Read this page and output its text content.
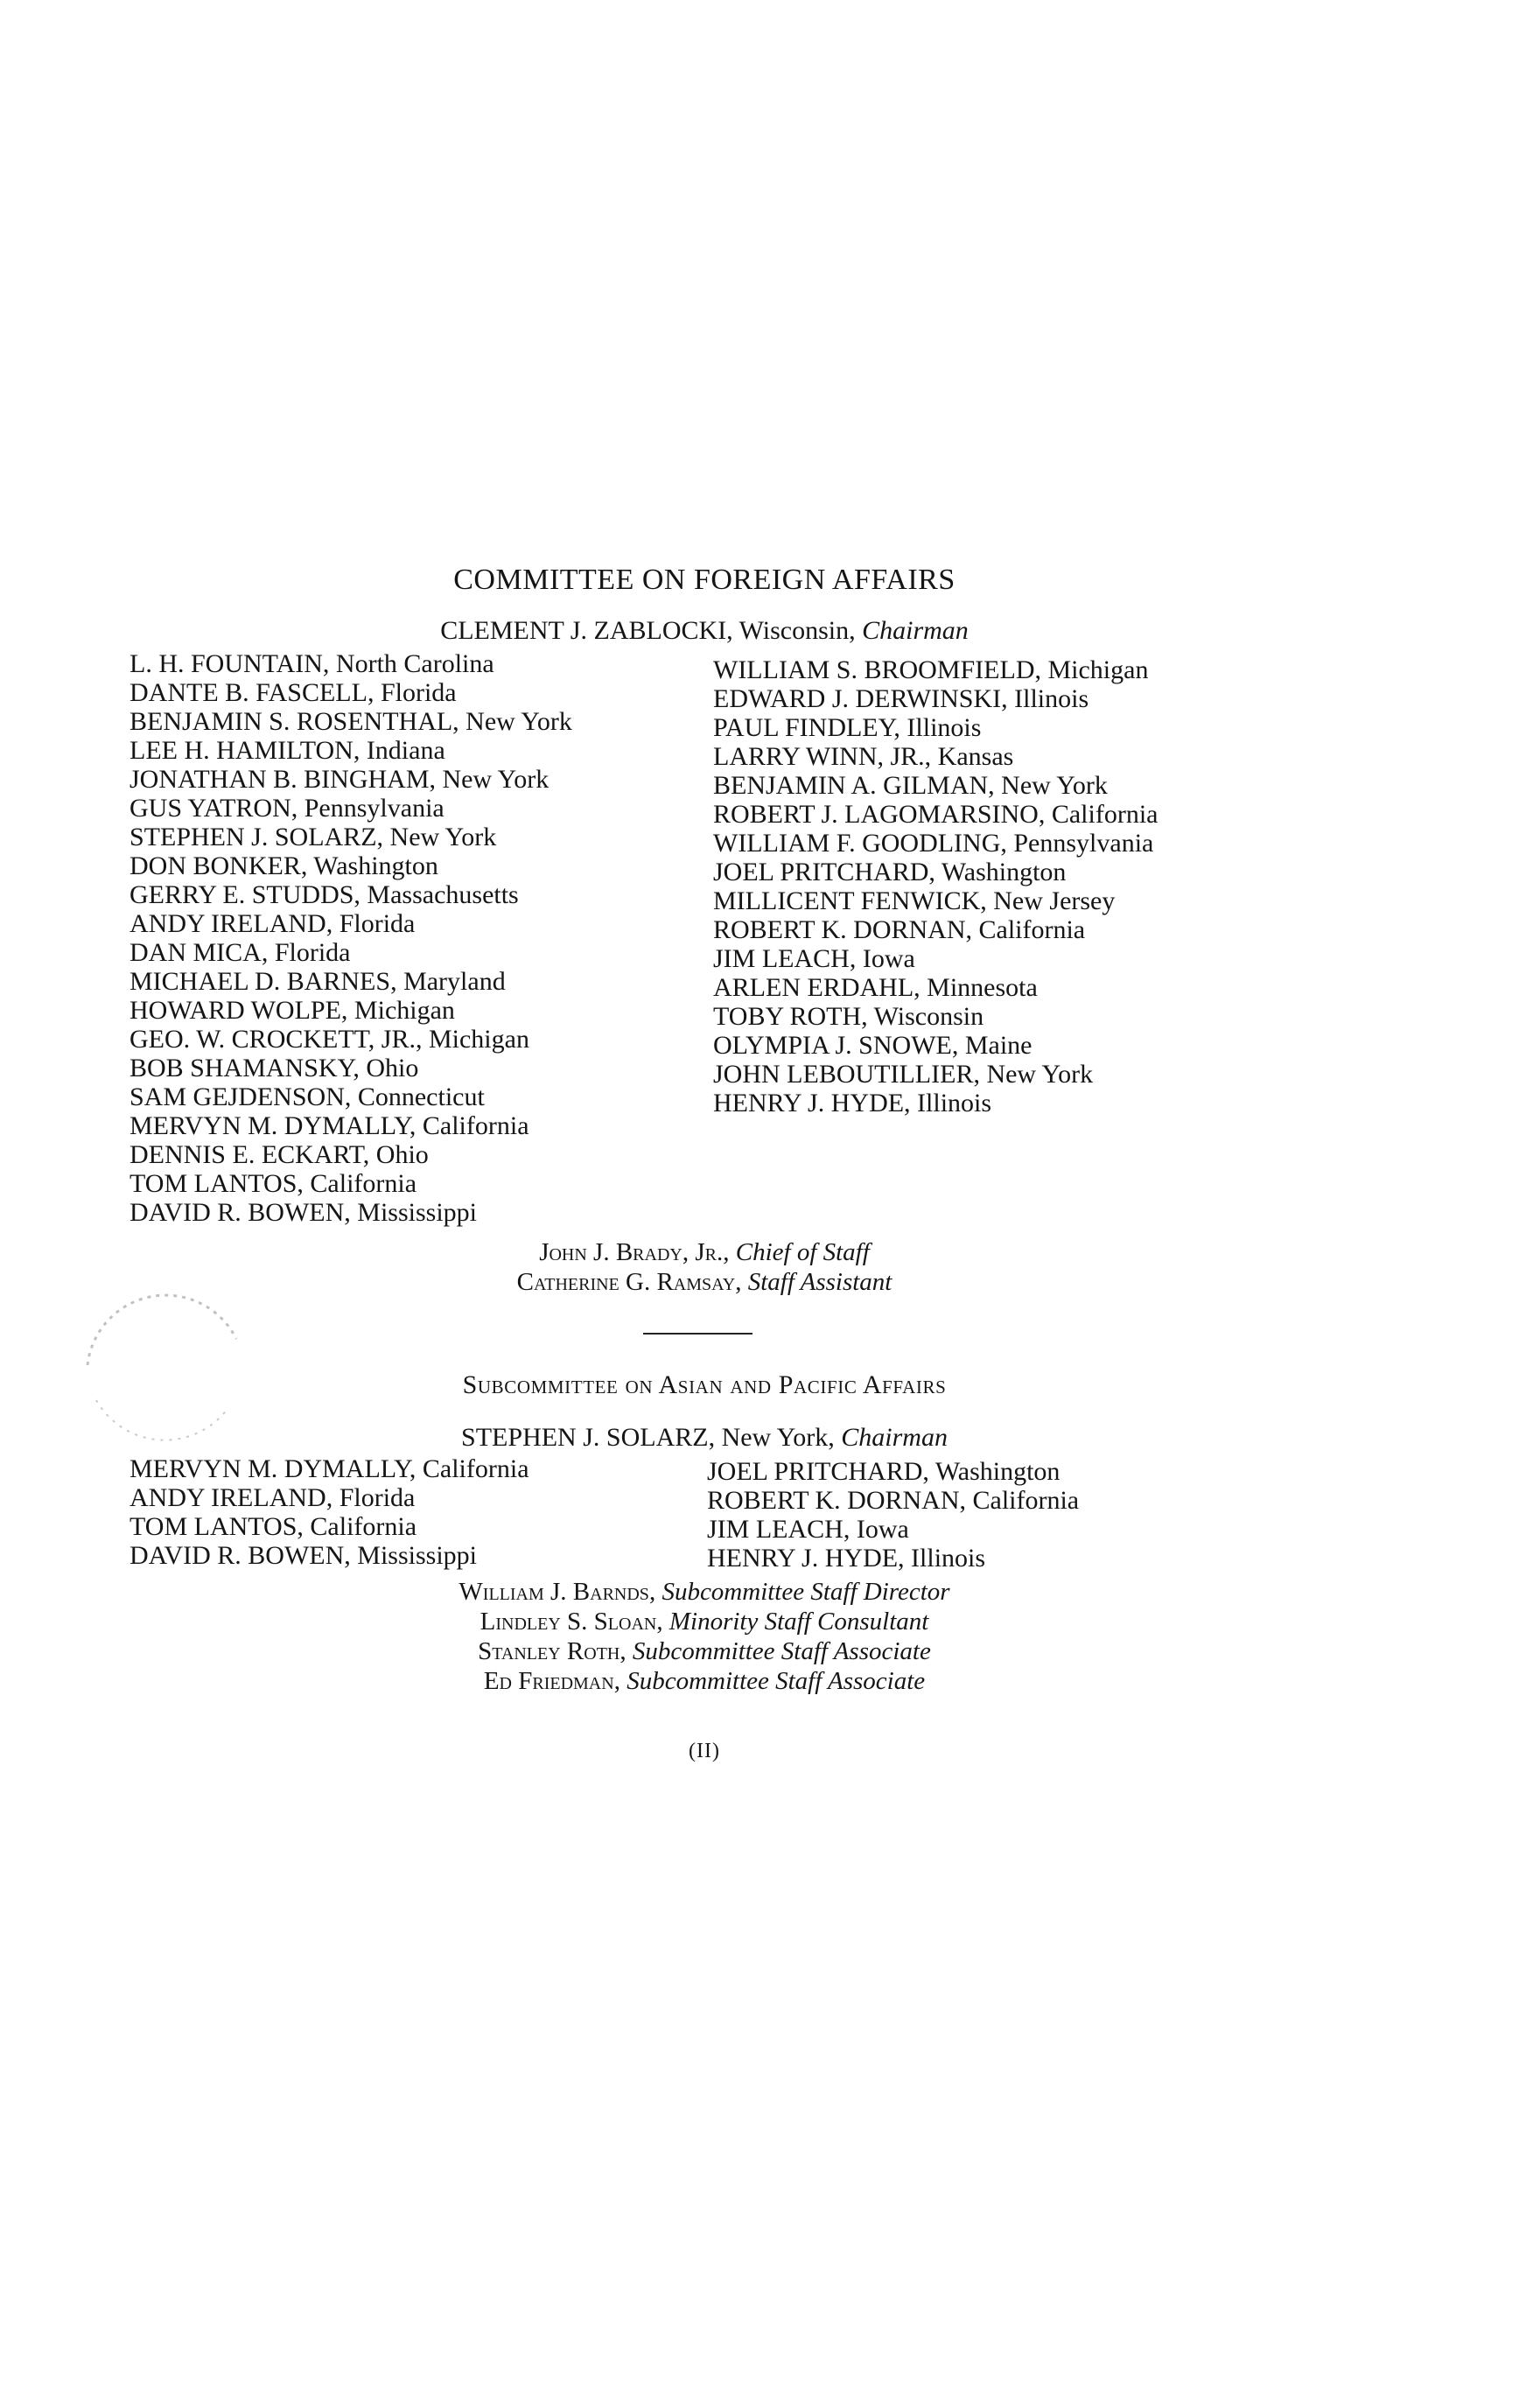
COMMITTEE ON FOREIGN AFFAIRS
CLEMENT J. ZABLOCKI, Wisconsin, Chairman
L. H. FOUNTAIN, North Carolina
DANTE B. FASCELL, Florida
BENJAMIN S. ROSENTHAL, New York
LEE H. HAMILTON, Indiana
JONATHAN B. BINGHAM, New York
GUS YATRON, Pennsylvania
STEPHEN J. SOLARZ, New York
DON BONKER, Washington
GERRY E. STUDDS, Massachusetts
ANDY IRELAND, Florida
DAN MICA, Florida
MICHAEL D. BARNES, Maryland
HOWARD WOLPE, Michigan
GEO. W. CROCKETT, JR., Michigan
BOB SHAMANSKY, Ohio
SAM GEJDENSON, Connecticut
MERVYN M. DYMALLY, California
DENNIS E. ECKART, Ohio
TOM LANTOS, California
DAVID R. BOWEN, Mississippi
WILLIAM S. BROOMFIELD, Michigan
EDWARD J. DERWINSKI, Illinois
PAUL FINDLEY, Illinois
LARRY WINN, JR., Kansas
BENJAMIN A. GILMAN, New York
ROBERT J. LAGOMARSINO, California
WILLIAM F. GOODLING, Pennsylvania
JOEL PRITCHARD, Washington
MILLICENT FENWICK, New Jersey
ROBERT K. DORNAN, California
JIM LEACH, Iowa
ARLEN ERDAHL, Minnesota
TOBY ROTH, Wisconsin
OLYMPIA J. SNOWE, Maine
JOHN LEBOUTILLIER, New York
HENRY J. HYDE, Illinois
John J. Brady, Jr., Chief of Staff
Catherine G. Ramsay, Staff Assistant
Subcommittee on Asian and Pacific Affairs
STEPHEN J. SOLARZ, New York, Chairman
MERVYN M. DYMALLY, California
ANDY IRELAND, Florida
TOM LANTOS, California
DAVID R. BOWEN, Mississippi
JOEL PRITCHARD, Washington
ROBERT K. DORNAN, California
JIM LEACH, Iowa
HENRY J. HYDE, Illinois
William J. Barnds, Subcommittee Staff Director
Lindley S. Sloan, Minority Staff Consultant
Stanley Roth, Subcommittee Staff Associate
Ed Friedman, Subcommittee Staff Associate
(II)
